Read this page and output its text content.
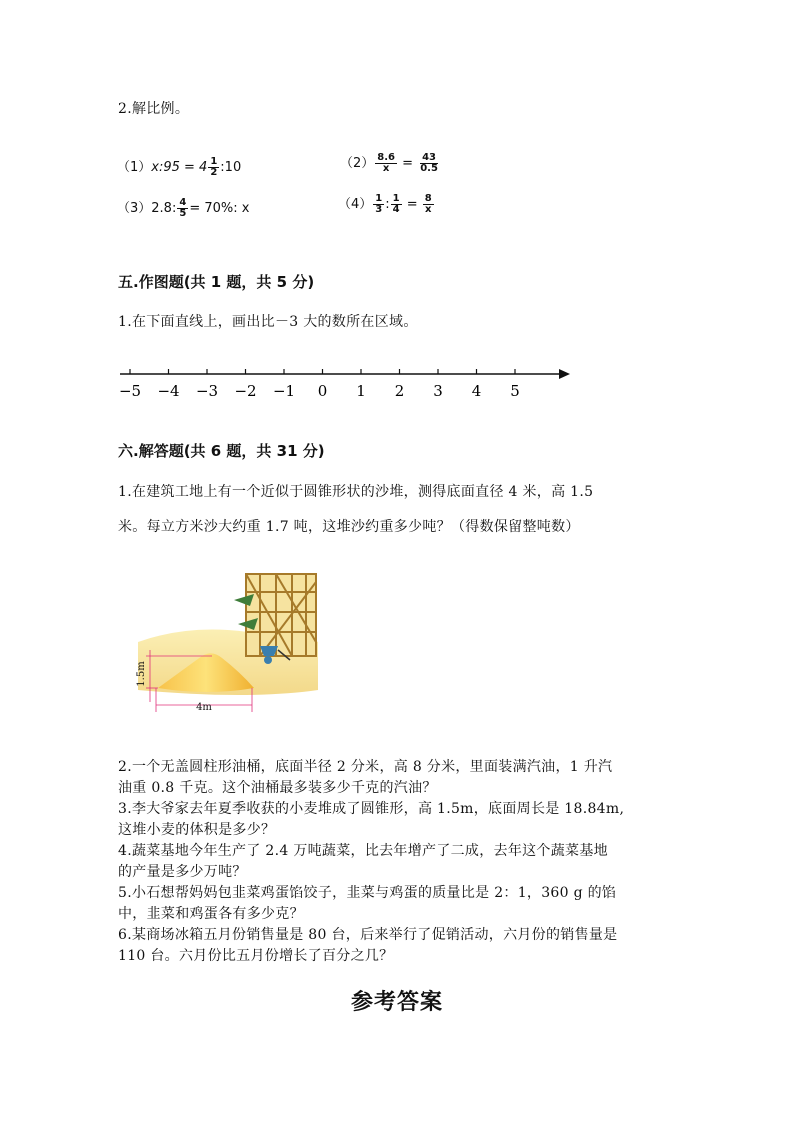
2.解比例。
（1）x:95 = $4 \frac{1}{2}$ :10	$(2) \frac{8.6}{x} = \frac{43}{0.5}$
（3）2.8: $\frac{4}{5} = 70\%$: x	$(4) \frac{1}{3}$ : $\frac{1}{4} = \frac{8}{x}$
五.作图题(共 1 题，共 5 分)
1.在下面直线上，画出比－3 大的数所在区域。
−5 −4 −3 −2 −1 0 1 2 3 4 5
六.解答题(共 6 题，共 31 分)
1.在建筑工地上有一个近似于圆锥形状的沙堆，测得底面直径 4 米，高 1.5
米。每立方米沙大约重 1.7 吨，这堆沙约重多少吨？（得数保留整吨数）
1.5m
4m
2.一个无盖圆柱形油桶，底面半径 2 分米，高 8 分米，里面装满汽油，1 升汽
油重 0.8 千克。这个油桶最多装多少千克的汽油？
3.李大爷家去年夏季收获的小麦堆成了圆锥形，高 1.5m，底面周长是 18.84m,
这堆小麦的体积是多少？
4.蔬菜基地今年生产了 2.4 万吨蔬菜，比去年增产了二成，去年这个蔬菜基地
的产量是多少万吨？
5.小石想帮妈妈包韭菜鸡蛋馅饺子，韭菜与鸡蛋的质量比是 2：1，360 g 的馅
中，韭菜和鸡蛋各有多少克？
6.某商场冰箱五月份销售量是 80 台，后来举行了促销活动，六月份的销售量是
110 台。六月份比五月份增长了百分之几？
参考答案
